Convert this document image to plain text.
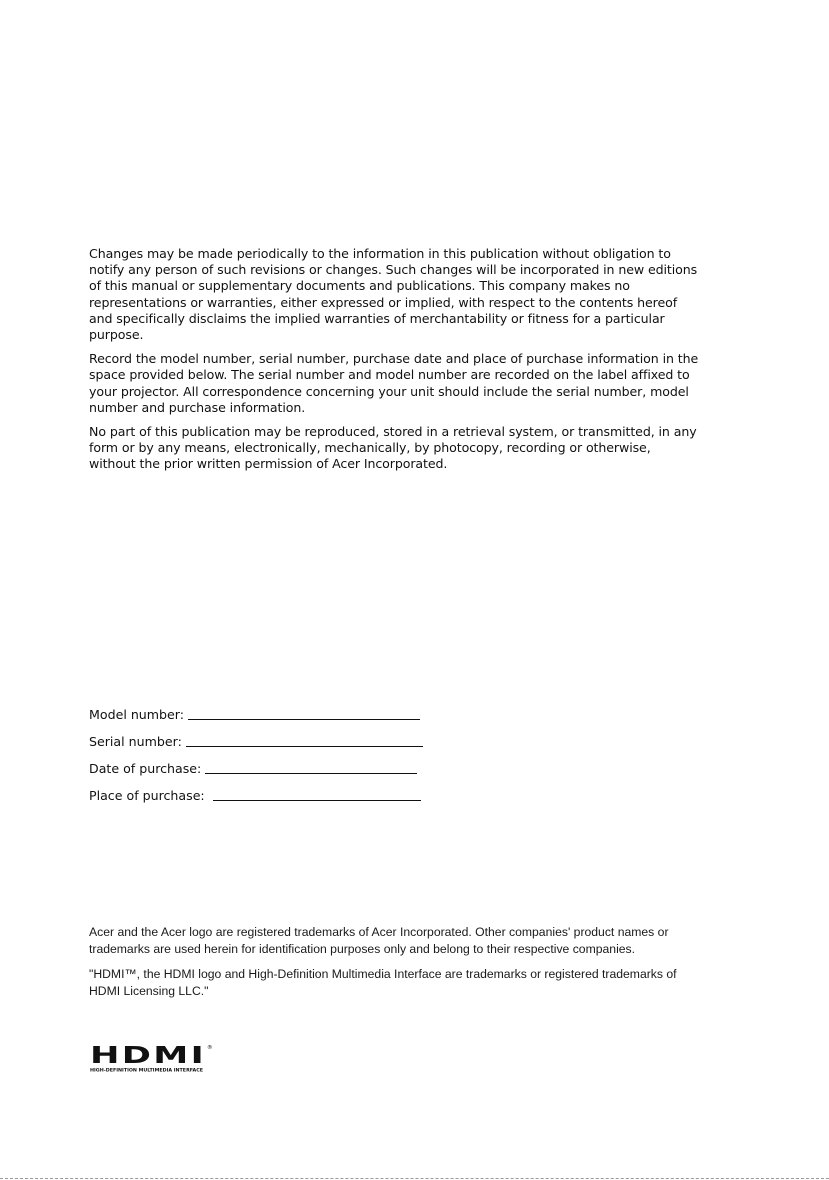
Changes may be made periodically to the information in this publication without obligation to notify any person of such revisions or changes. Such changes will be incorporated in new editions of this manual or supplementary documents and publications. This company makes no representations or warranties, either expressed or implied, with respect to the contents hereof and specifically disclaims the implied warranties of merchantability or fitness for a particular purpose.

Record the model number, serial number, purchase date and place of purchase information in the space provided below. The serial number and model number are recorded on the label affixed to your projector. All correspondence concerning your unit should include the serial number, model number and purchase information.

No part of this publication may be reproduced, stored in a retrieval system, or transmitted, in any form or by any means, electronically, mechanically, by photocopy, recording or otherwise, without the prior written permission of Acer Incorporated.

Model number:
Serial number:
Date of purchase:
Place of purchase:

Acer and the Acer logo are registered trademarks of Acer Incorporated. Other companies' product names or trademarks are used herein for identification purposes only and belong to their respective companies.

"HDMI™, the HDMI logo and High-Definition Multimedia Interface are trademarks or registered trademarks of HDMI Licensing LLC."

HDMI ®
HIGH-DEFINITION MULTIMEDIA INTERFACE
